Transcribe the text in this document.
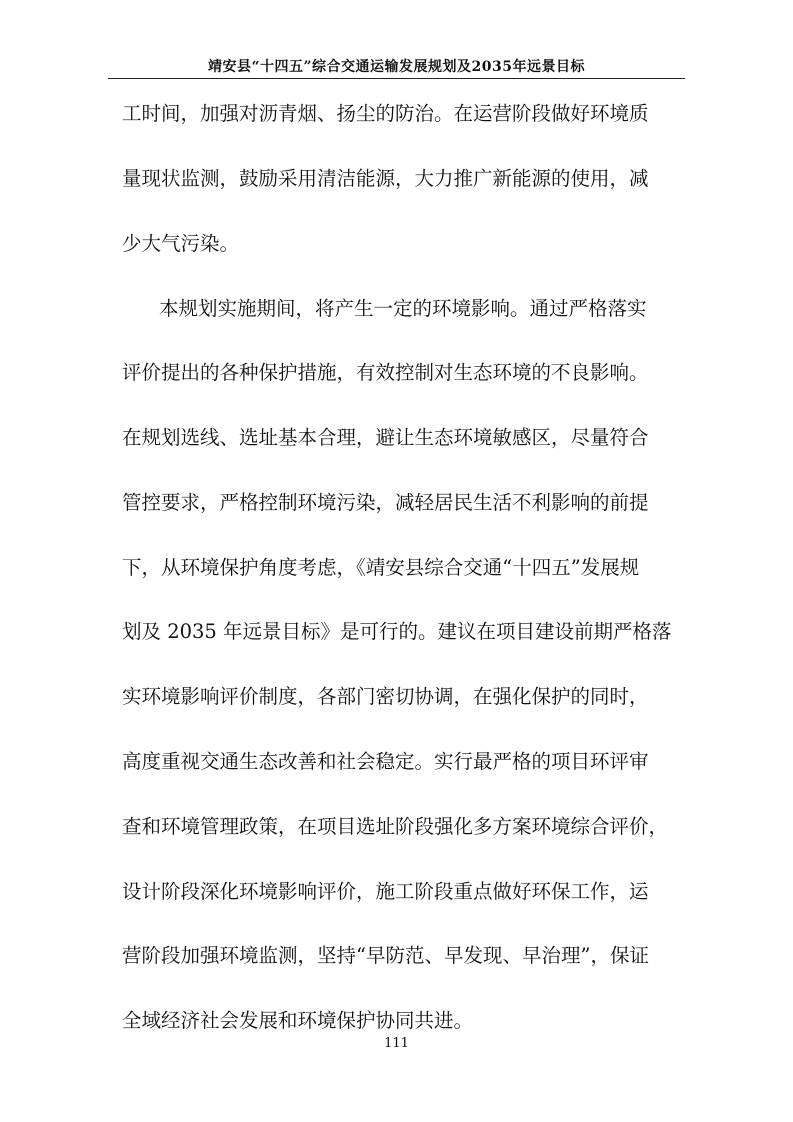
靖安县“十四五”综合交通运输发展规划及2035年远景目标
工时间，加强对沥青烟、扬尘的防治。在运营阶段做好环境质
量现状监测，鼓励采用清洁能源，大力推广新能源的使用，减
少大气污染。
本规划实施期间，将产生一定的环境影响。通过严格落实
评价提出的各种保护措施，有效控制对生态环境的不良影响。
在规划选线、选址基本合理，避让生态环境敏感区，尽量符合
管控要求，严格控制环境污染，减轻居民生活不利影响的前提
下，从环境保护角度考虑，《靖安县综合交通“十四五”发展规
划及 2035 年远景目标》是可行的。建议在项目建设前期严格落
实环境影响评价制度，各部门密切协调，在强化保护的同时，
高度重视交通生态改善和社会稳定。实行最严格的项目环评审
查和环境管理政策，在项目选址阶段强化多方案环境综合评价，
设计阶段深化环境影响评价，施工阶段重点做好环保工作，运
营阶段加强环境监测，坚持“早防范、早发现、早治理”，保证
全域经济社会发展和环境保护协同共进。
111
